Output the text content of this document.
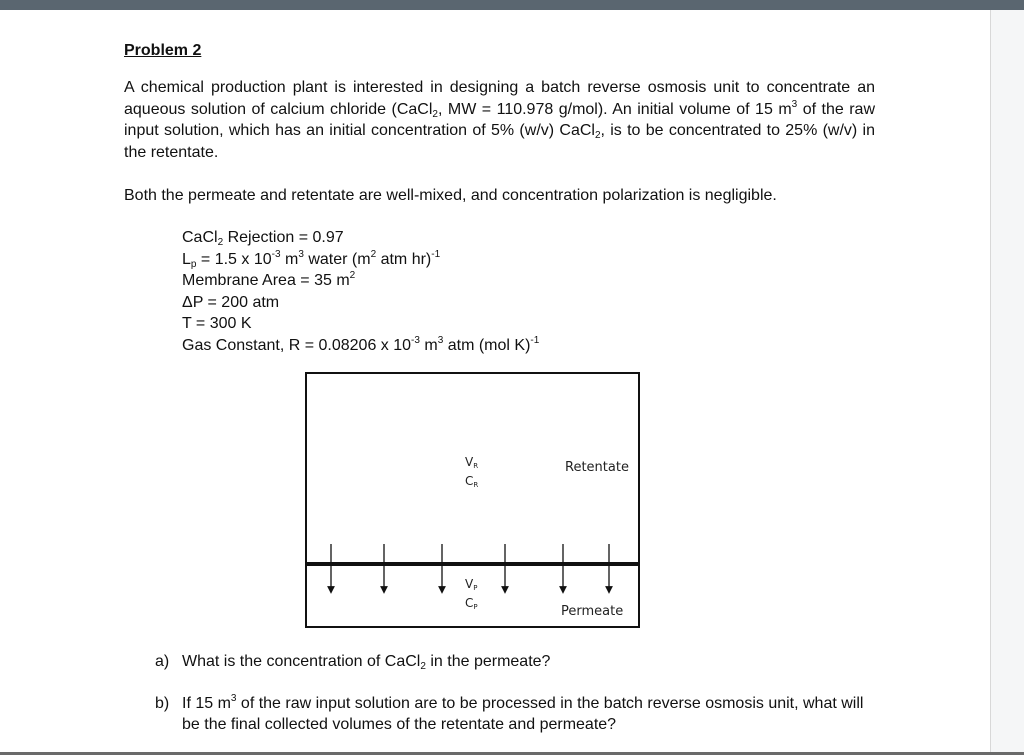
Problem 2
A chemical production plant is interested in designing a batch reverse osmosis unit to concentrate an aqueous solution of calcium chloride (CaCl$_2$, MW = 110.978 g/mol). An initial volume of 15 $m^3$ of the raw input solution, which has an initial concentration of 5% (w/v) CaCl$_2$, is to be concentrated to 25% (w/v) in the retentate.
Both the permeate and retentate are well-mixed, and concentration polarization is negligible.
CaCl$_2$ Rejection = 0.97
$L_p = 1.5$ x $10^{-3}$ $m^3$ water ($m^2$ atm hr)$^{-1}$
Membrane Area = 35 $m^2$
ΔP = 200 atm
T = 300 K
Gas Constant, R = 0.08206 x $10^{-3}$ $m^3$ atm (mol K)$^{-1}$
Retentate
Permeate
$V_R$
$C_R$
$V_P$
$C_P$
a) What is the concentration of CaCl$_2$ in the permeate?
b) If 15 $m^3$ of the raw input solution are to be processed in the batch reverse osmosis unit, what will be the final collected volumes of the retentate and permeate?
